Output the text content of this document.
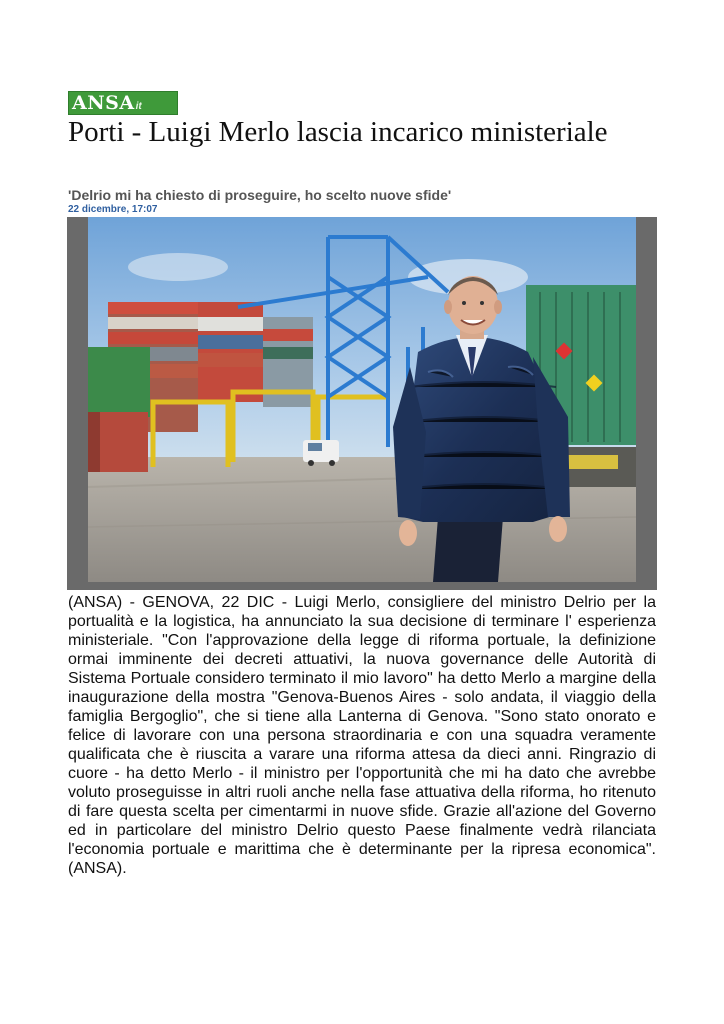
ANSA it
Porti - Luigi Merlo lascia incarico ministeriale

'Delrio mi ha chiesto di proseguire, ho scelto nuove sfide'

22 dicembre, 17:07

(ANSA) - GENOVA, 22 DIC - Luigi Merlo, consigliere del ministro Delrio per la portualità e la logistica, ha annunciato la sua decisione di terminare l' esperienza ministeriale. "Con l'approvazione della legge di riforma portuale, la definizione ormai imminente dei decreti attuativi, la nuova governance delle Autorità di Sistema Portuale considero terminato il mio lavoro" ha detto Merlo a margine della inaugurazione della mostra "Genova-Buenos Aires - solo andata, il viaggio della famiglia Bergoglio", che si tiene alla Lanterna di Genova. "Sono stato onorato e felice di lavorare con una persona straordinaria e con una squadra veramente qualificata che è riuscita a varare una riforma attesa da dieci anni. Ringrazio di cuore - ha detto Merlo - il ministro per l'opportunità che mi ha dato che avrebbe voluto proseguisse in altri ruoli anche nella fase attuativa della riforma, ho ritenuto di fare questa scelta per cimentarmi in nuove sfide. Grazie all'azione del Governo ed in particolare del ministro Delrio questo Paese finalmente vedrà rilanciata l'economia portuale e marittima che è determinante per la ripresa economica". (ANSA).
